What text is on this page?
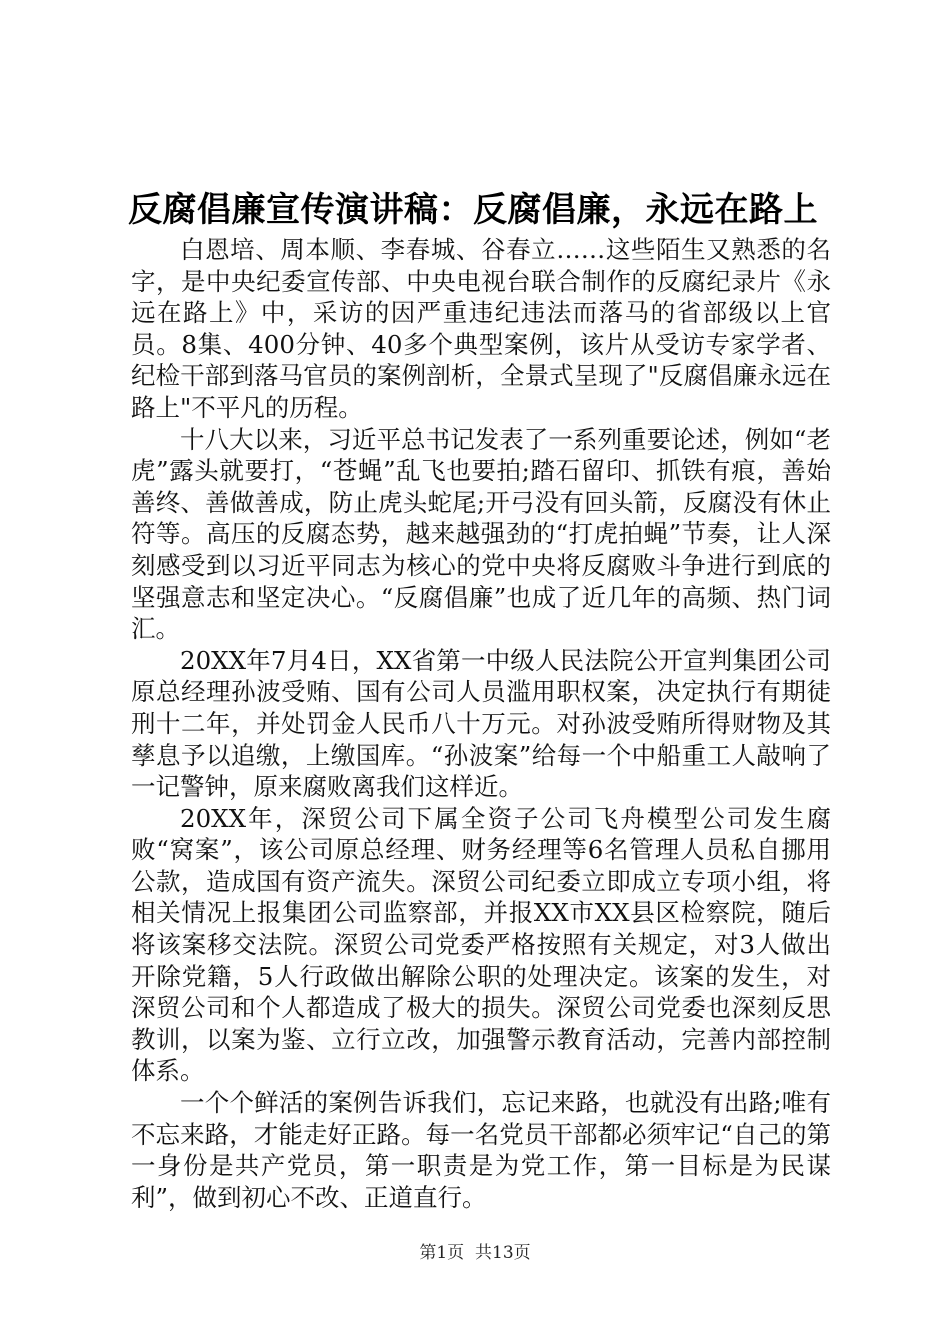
反腐倡廉宣传演讲稿：反腐倡廉，永远在路上

白恩培、周本顺、李春城、谷春立……这些陌生又熟悉的名字，是中央纪委宣传部、中央电视台联合制作的反腐纪录片《永远在路上》中，采访的因严重违纪违法而落马的省部级以上官员。8集、400分钟、40多个典型案例，该片从受访专家学者、纪检干部到落马官员的案例剖析，全景式呈现了"反腐倡廉永远在路上"不平凡的历程。

十八大以来，习近平总书记发表了一系列重要论述，例如“老虎”露头就要打，“苍蝇”乱飞也要拍;踏石留印、抓铁有痕，善始善终、善做善成，防止虎头蛇尾;开弓没有回头箭，反腐没有休止符等。高压的反腐态势，越来越强劲的“打虎拍蝇”节奏，让人深刻感受到以习近平同志为核心的党中央将反腐败斗争进行到底的坚强意志和坚定决心。“反腐倡廉”也成了近几年的高频、热门词汇。

20XX年7月4日，XX省第一中级人民法院公开宣判集团公司原总经理孙波受贿、国有公司人员滥用职权案，决定执行有期徒刑十二年，并处罚金人民币八十万元。对孙波受贿所得财物及其孳息予以追缴，上缴国库。“孙波案”给每一个中船重工人敲响了一记警钟，原来腐败离我们这样近。

20XX年，深贸公司下属全资子公司飞舟模型公司发生腐败“窝案”，该公司原总经理、财务经理等6名管理人员私自挪用公款，造成国有资产流失。深贸公司纪委立即成立专项小组，将相关情况上报集团公司监察部，并报XX市XX县区检察院，随后将该案移交法院。深贸公司党委严格按照有关规定，对3人做出开除党籍，5人行政做出解除公职的处理决定。该案的发生，对深贸公司和个人都造成了极大的损失。深贸公司党委也深刻反思教训，以案为鉴、立行立改，加强警示教育活动，完善内部控制体系。

一个个鲜活的案例告诉我们，忘记来路，也就没有出路;唯有不忘来路，才能走好正路。每一名党员干部都必须牢记“自己的第一身份是共产党员，第一职责是为党工作，第一目标是为民谋利”，做到初心不改、正道直行。

第1页 共13页
